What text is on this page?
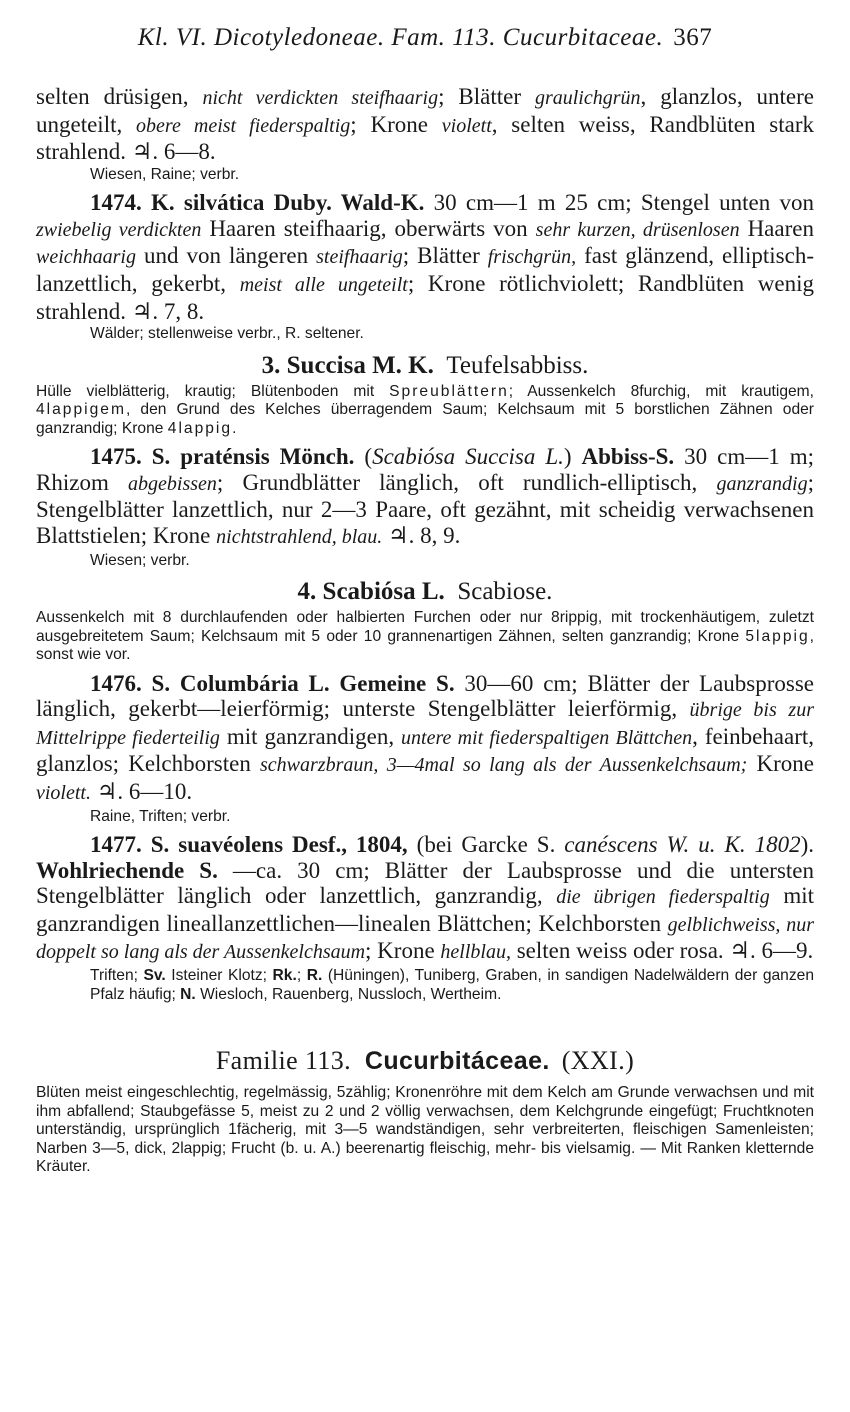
Kl. VI. Dicotyledoneae. Fam. 113. Cucurbitaceae. 367

selten drüsigen, nicht verdickten steifhaarig; Blätter graulichgrün, glanzlos, untere ungeteilt, obere meist fiederspaltig; Krone violett, selten weiss, Randblüten stark strahlend. ♃. 6—8.

Wiesen, Raine; verbr.

1474. K. silvática Duby. Wald-K. 30 cm—1 m 25 cm; Stengel unten von zwiebelig verdickten Haaren steifhaarig, oberwärts von sehr kurzen, drüsenlosen Haaren weichhaarig und von längeren steifhaarig; Blätter frischgrün, fast glänzend, elliptisch-lanzettlich, gekerbt, meist alle ungeteilt; Krone rötlichviolett; Randblüten wenig strahlend. ♃. 7, 8.

Wälder; stellenweise verbr., R. seltener.

3. Succisa M. K. Teufelsabbiss.

Hülle vielblätterig, krautig; Blütenboden mit Spreublättern; Aussenkelch 8furchig, mit krautigem, 4lappigem, den Grund des Kelches überragendem Saum; Kelchsaum mit 5 borstlichen Zähnen oder ganzrandig; Krone 4lappig.

1475. S. praténsis Mönch. (Scabiósa Succisa L.) Abbiss-S. 30 cm—1 m; Rhizom abgebissen; Grundblätter länglich, oft rundlich-elliptisch, ganzrandig; Stengelblätter lanzettlich, nur 2—3 Paare, oft gezähnt, mit scheidig verwachsenen Blattstielen; Krone nichtstrahlend, blau. ♃. 8, 9.

Wiesen; verbr.

4. Scabiósa L. Scabiose.

Aussenkelch mit 8 durchlaufenden oder halbierten Furchen oder nur 8rippig, mit trockenhäutigem, zuletzt ausgebreitetem Saum; Kelchsaum mit 5 oder 10 grannenartigen Zähnen, selten ganzrandig; Krone 5lappig, sonst wie vor.

1476. S. Columbária L. Gemeine S. 30—60 cm; Blätter der Laubsprosse länglich, gekerbt—leierförmig; unterste Stengelblätter leierförmig, übrige bis zur Mittelrippe fiederteilig mit ganzrandigen, untere mit fiederspaltigen Blättchen, feinbehaart, glanzlos; Kelchborsten schwarzbraun, 3—4mal so lang als der Aussenkelchsaum; Krone violett. ♃. 6—10.

Raine, Triften; verbr.

1477. S. suavéolens Desf., 1804, (bei Garcke S. canéscens W. u. K. 1802). Wohlriechende S. —ca. 30 cm; Blätter der Laubsprosse und die untersten Stengelblätter länglich oder lanzettlich, ganzrandig, die übrigen fiederspaltig mit ganzrandigen lineallanzettlichen—linealen Blättchen; Kelchborsten gelblichweiss, nur doppelt so lang als der Aussenkelchsaum; Krone hellblau, selten weiss oder rosa. ♃. 6—9.

Triften; Sv. Isteiner Klotz; Rk.; R. (Hüningen), Tuniberg, Graben, in sandigen Nadelwäldern der ganzen Pfalz häufig; N. Wiesloch, Rauenberg, Nussloch, Wertheim.

Familie 113. Cucurbitáceae. (XXI.)

Blüten meist eingeschlechtig, regelmässig, 5zählig; Kronenröhre mit dem Kelch am Grunde verwachsen und mit ihm abfallend; Staubgefässe 5, meist zu 2 und 2 völlig verwachsen, dem Kelchgrunde eingefügt; Fruchtknoten unterständig, ursprünglich 1fächerig, mit 3—5 wandständigen, sehr verbreiterten, fleischigen Samenleisten; Narben 3—5, dick, 2lappig; Frucht (b. u. A.) beerenartig fleischig, mehr- bis vielsamig. — Mit Ranken kletternde Kräuter.
